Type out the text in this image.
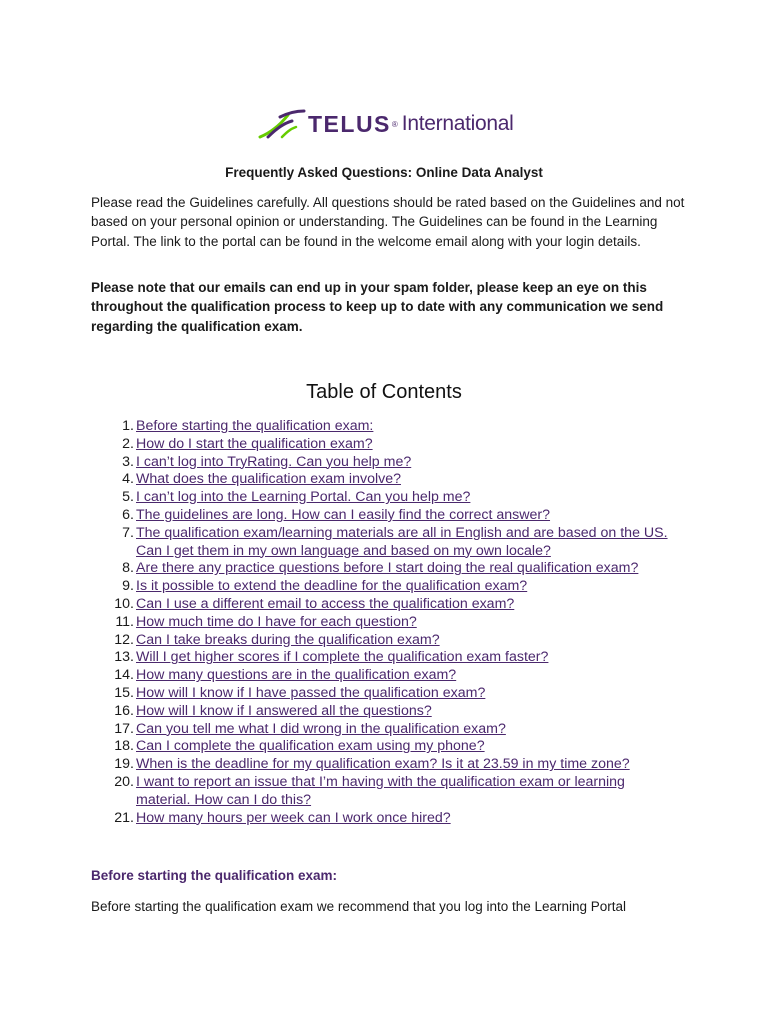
TELUS ® International
Frequently Asked Questions: Online Data Analyst

Please read the Guidelines carefully. All questions should be rated based on the Guidelines and not based on your personal opinion or understanding. The Guidelines can be found in the Learning Portal. The link to the portal can be found in the welcome email along with your login details.

Please note that our emails can end up in your spam folder, please keep an eye on this throughout the qualification process to keep up to date with any communication we send regarding the qualification exam.

Table of Contents
1. Before starting the qualification exam:
2. How do I start the qualification exam?
3. I can’t log into TryRating. Can you help me?
4. What does the qualification exam involve?
5. I can’t log into the Learning Portal. Can you help me?
6. The guidelines are long. How can I easily find the correct answer?
7. The qualification exam/learning materials are all in English and are based on the US. Can I get them in my own language and based on my own locale?
8. Are there any practice questions before I start doing the real qualification exam?
9. Is it possible to extend the deadline for the qualification exam?
10. Can I use a different email to access the qualification exam?
11. How much time do I have for each question?
12. Can I take breaks during the qualification exam?
13. Will I get higher scores if I complete the qualification exam faster?
14. How many questions are in the qualification exam?
15. How will I know if I have passed the qualification exam?
16. How will I know if I answered all the questions?
17. Can you tell me what I did wrong in the qualification exam?
18. Can I complete the qualification exam using my phone?
19. When is the deadline for my qualification exam? Is it at 23.59 in my time zone?
20. I want to report an issue that I’m having with the qualification exam or learning material. How can I do this?
21. How many hours per week can I work once hired?
Before starting the qualification exam:
Before starting the qualification exam we recommend that you log into the Learning Portal
